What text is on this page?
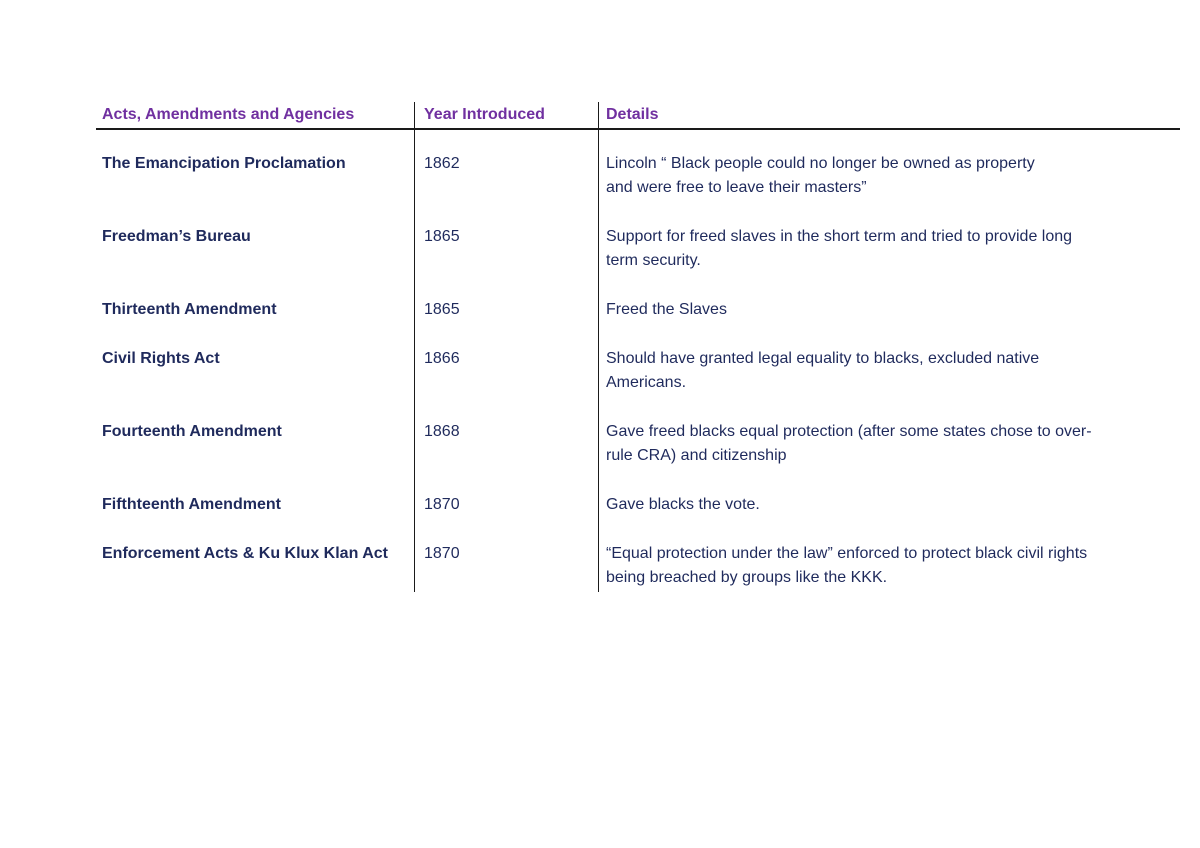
Acts, Amendments and Agencies	Year Introduced	Details
The Emancipation Proclamation	1862	Lincoln “ Black people could no longer be owned as property
and were free to leave their masters”
Freedman’s Bureau	1865	Support for freed slaves in the short term and tried to provide long
term security.
Thirteenth Amendment	1865	Freed the Slaves
Civil Rights Act	1866	Should have granted legal equality to blacks, excluded native
Americans.
Fourteenth Amendment	1868	Gave freed blacks equal protection (after some states chose to over-
rule CRA) and citizenship
Fifthteenth Amendment	1870	Gave blacks the vote.
Enforcement Acts & Ku Klux Klan Act	1870	“Equal protection under the law” enforced to protect black civil rights
being breached by groups like the KKK.
